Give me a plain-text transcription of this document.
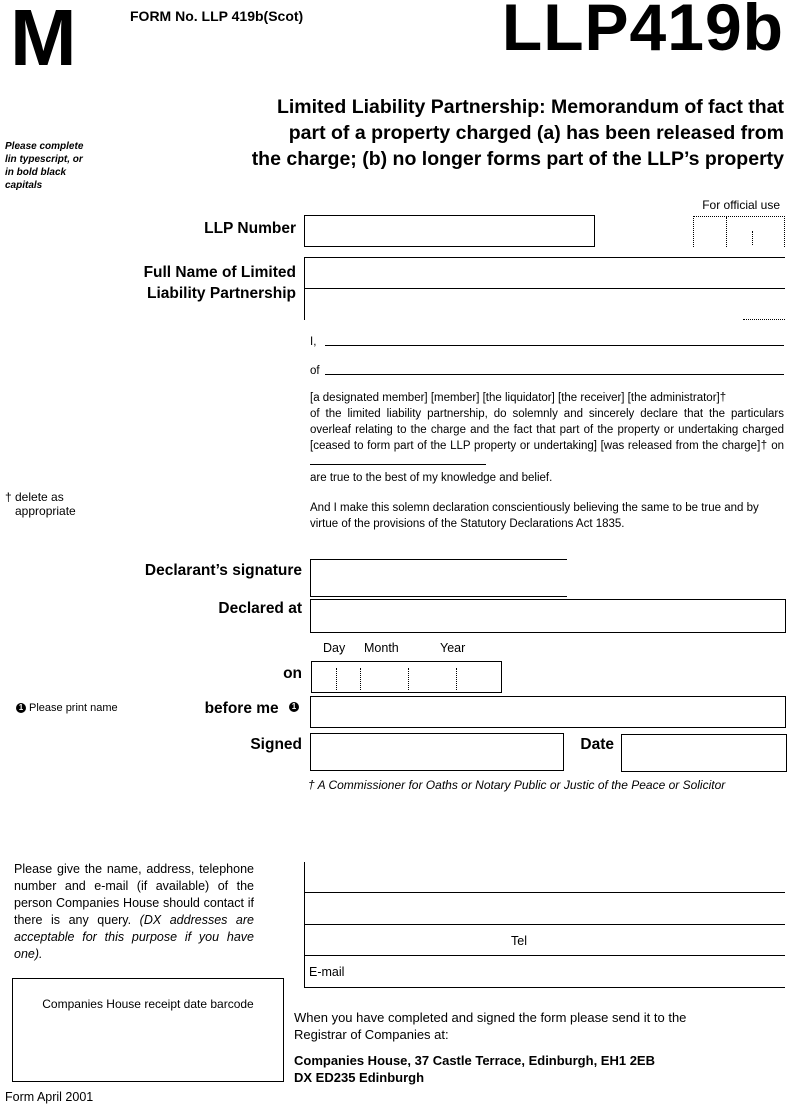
M	FORM No. LLP 419b(Scot)	LLP419b
Limited Liability Partnership: Memorandum of fact that
part of a property charged (a) has been released from
the charge; (b) no longer forms part of the LLP’s property
Please complete
lin typescript, or
in bold black
capitals
For official use
LLP Number
Full Name of Limited
Liability Partnership
I,
of

[a designated member] [member] [the liquidator] [the receiver] [the administrator]†

of the limited liability partnership, do solemnly and sincerely declare that the particulars overleaf relating to the charge and the fact that part of the property or undertaking charged [ceased to form part of the LLP property or undertaking] [was released from the charge]† on

are true to the best of my knowledge and belief.

And I make this solemn declaration conscientiously believing the same to be true and by virtue of the provisions of the Statutory Declarations Act 1835.
† delete as
appropriate
Declarant’s signature
Declared at
Day Month	Year
on
1 Please print name	before me 1
Signed	Date
† A Commissioner for Oaths or Notary Public or Justic of the Peace or Solicitor
Please give the name, address, telephone number and e-mail (if available) of the person Companies House should contact if there is any query. (DX addresses are acceptable for this purpose if you have one).
Tel
E-mail
Companies House receipt date barcode
When you have completed and signed the form please send it to the
Registrar of Companies at:
Companies House, 37 Castle Terrace, Edinburgh, EH1 2EB
DX ED235 Edinburgh
Form April 2001
